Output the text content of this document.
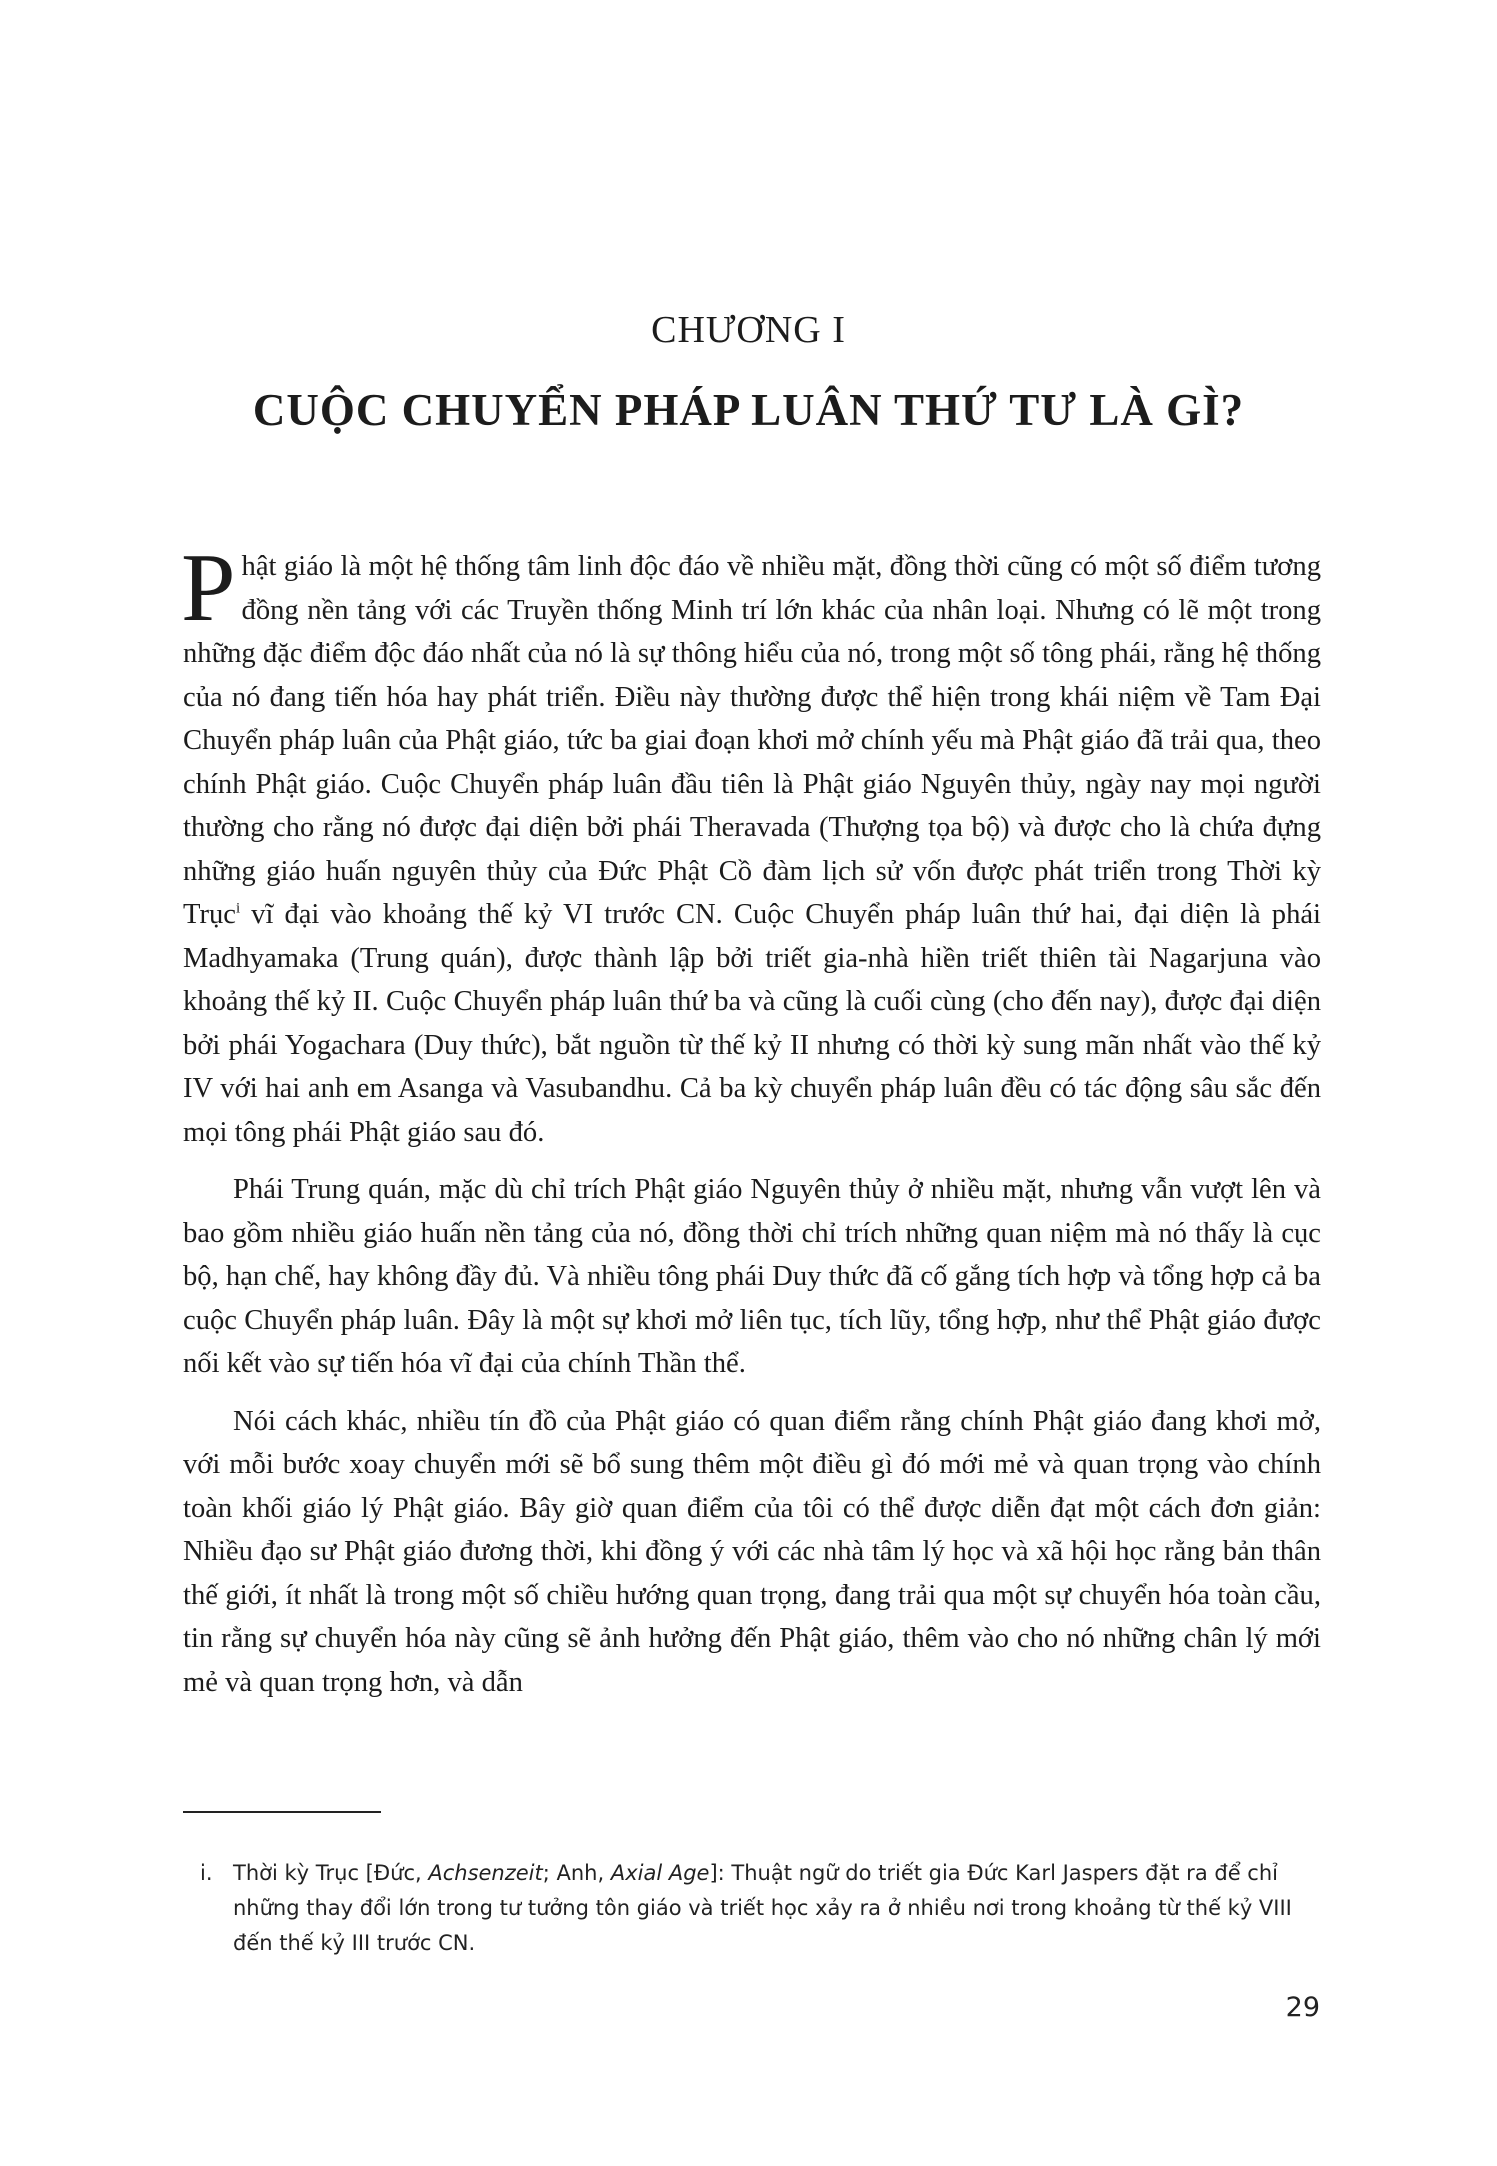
CHƯƠNG I
CUỘC CHUYỂN PHÁP LUÂN THỨ TƯ LÀ GÌ?

Phật giáo là một hệ thống tâm linh độc đáo về nhiều mặt, đồng thời cũng có một số điểm tương đồng nền tảng với các Truyền thống Minh trí lớn khác của nhân loại. Nhưng có lẽ một trong những đặc điểm độc đáo nhất của nó là sự thông hiểu của nó, trong một số tông phái, rằng hệ thống của nó đang tiến hóa hay phát triển. Điều này thường được thể hiện trong khái niệm về Tam Đại Chuyển pháp luân của Phật giáo, tức ba giai đoạn khơi mở chính yếu mà Phật giáo đã trải qua, theo chính Phật giáo. Cuộc Chuyển pháp luân đầu tiên là Phật giáo Nguyên thủy, ngày nay mọi người thường cho rằng nó được đại diện bởi phái Theravada (Thượng tọa bộ) và được cho là chứa đựng những giáo huấn nguyên thủy của Đức Phật Cồ đàm lịch sử vốn được phát triển trong Thời kỳ Trục$^i$ vĩ đại vào khoảng thế kỷ VI trước CN. Cuộc Chuyển pháp luân thứ hai, đại diện là phái Madhyamaka (Trung quán), được thành lập bởi triết gia-nhà hiền triết thiên tài Nagarjuna vào khoảng thế kỷ II. Cuộc Chuyển pháp luân thứ ba và cũng là cuối cùng (cho đến nay), được đại diện bởi phái Yogachara (Duy thức), bắt nguồn từ thế kỷ II nhưng có thời kỳ sung mãn nhất vào thế kỷ IV với hai anh em Asanga và Vasubandhu. Cả ba kỳ chuyển pháp luân đều có tác động sâu sắc đến mọi tông phái Phật giáo sau đó.

Phái Trung quán, mặc dù chỉ trích Phật giáo Nguyên thủy ở nhiều mặt, nhưng vẫn vượt lên và bao gồm nhiều giáo huấn nền tảng của nó, đồng thời chỉ trích những quan niệm mà nó thấy là cục bộ, hạn chế, hay không đầy đủ. Và nhiều tông phái Duy thức đã cố gắng tích hợp và tổng hợp cả ba cuộc Chuyển pháp luân. Đây là một sự khơi mở liên tục, tích lũy, tổng hợp, như thể Phật giáo được nối kết vào sự tiến hóa vĩ đại của chính Thần thể.

Nói cách khác, nhiều tín đồ của Phật giáo có quan điểm rằng chính Phật giáo đang khơi mở, với mỗi bước xoay chuyển mới sẽ bổ sung thêm một điều gì đó mới mẻ và quan trọng vào chính toàn khối giáo lý Phật giáo. Bây giờ quan điểm của tôi có thể được diễn đạt một cách đơn giản: Nhiều đạo sư Phật giáo đương thời, khi đồng ý với các nhà tâm lý học và xã hội học rằng bản thân thế giới, ít nhất là trong một số chiều hướng quan trọng, đang trải qua một sự chuyển hóa toàn cầu, tin rằng sự chuyển hóa này cũng sẽ ảnh hưởng đến Phật giáo, thêm vào cho nó những chân lý mới mẻ và quan trọng hơn, và dẫn

i. Thời kỳ Trục [Đức, Achsenzeit; Anh, Axial Age]: Thuật ngữ do triết gia Đức Karl Jaspers đặt ra để chỉ những thay đổi lớn trong tư tưởng tôn giáo và triết học xảy ra ở nhiều nơi trong khoảng từ thế kỷ VIII đến thế kỷ III trước CN.
29
